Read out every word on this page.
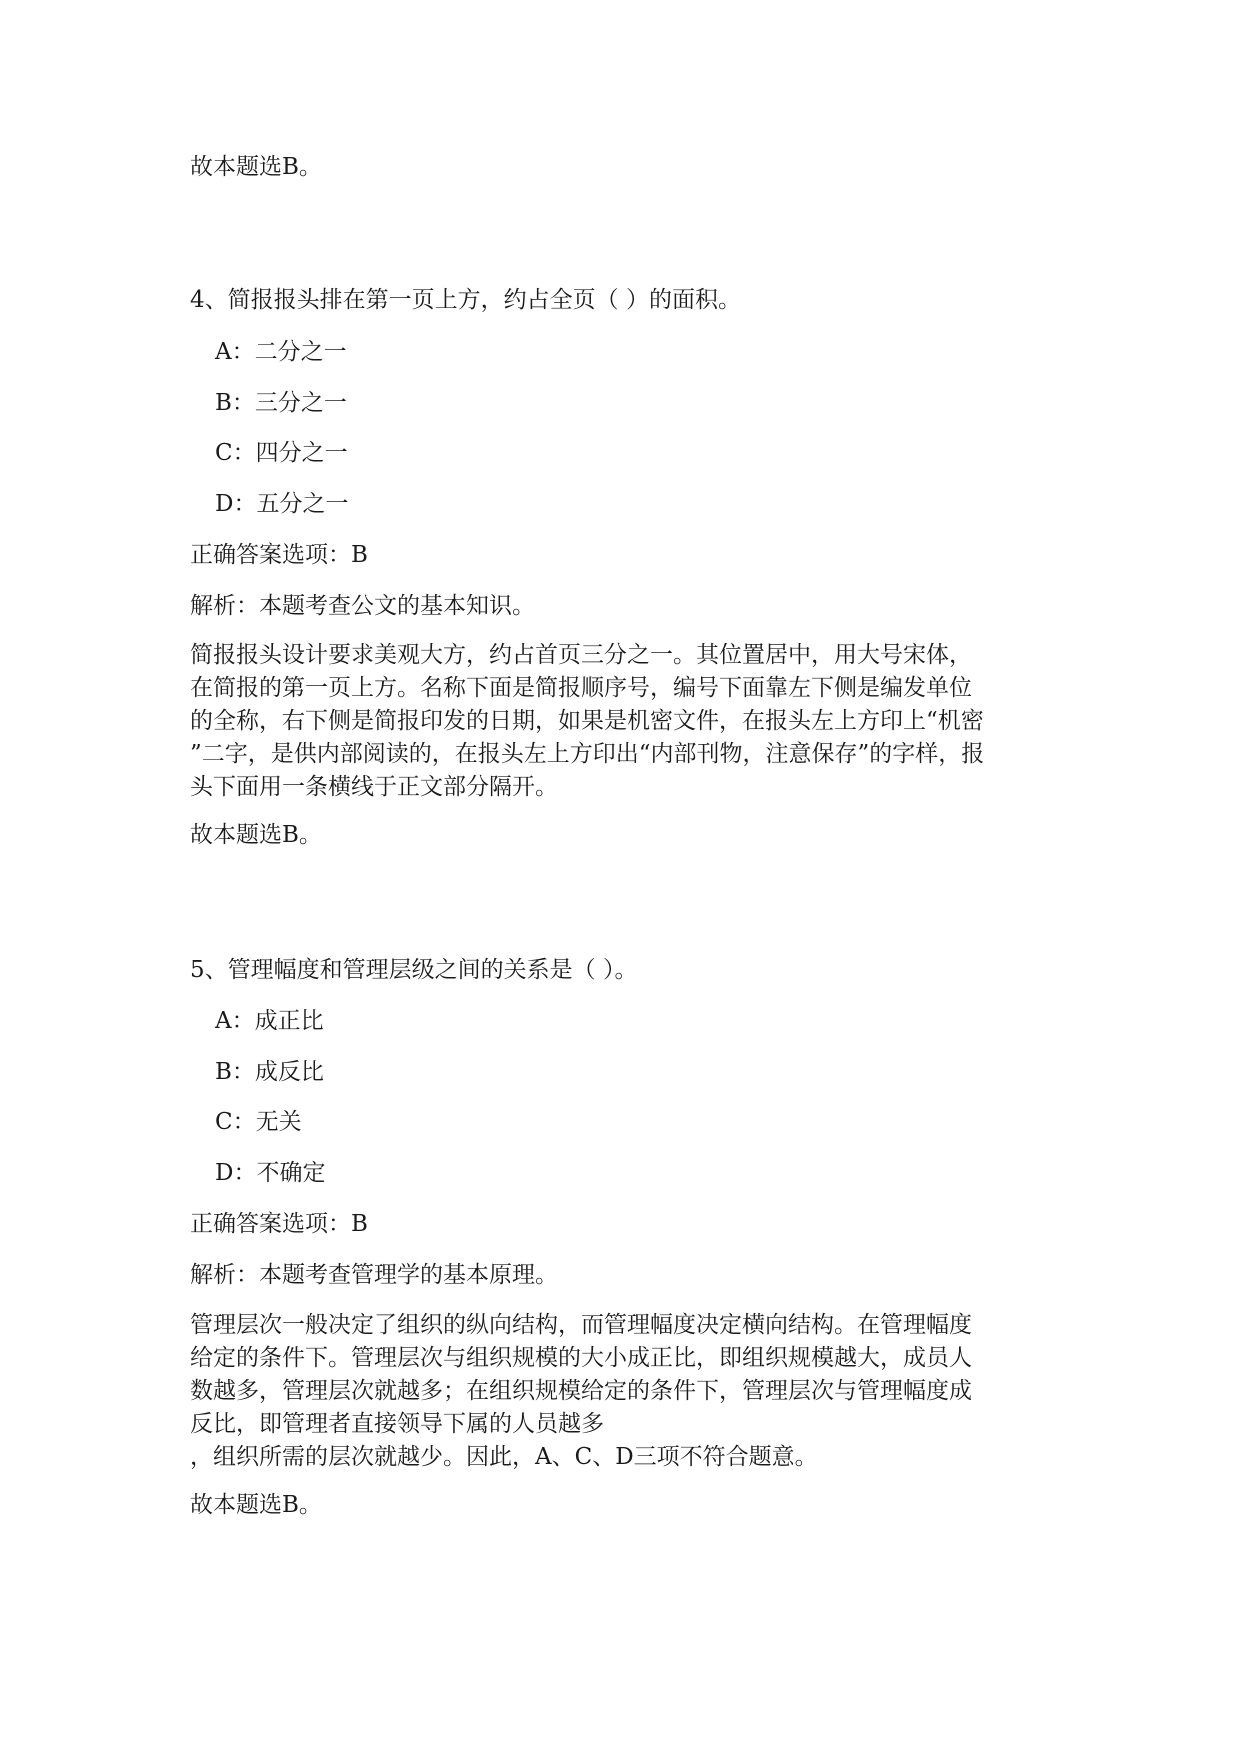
故本题选B。
4、简报报头排在第一页上方，约占全页（ ）的面积。
A：二分之一
B：三分之一
C：四分之一
D：五分之一
正确答案选项：B
解析：本题考查公文的基本知识。
简报报头设计要求美观大方，约占首页三分之一。其位置居中，用大号宋体，
在简报的第一页上方。名称下面是简报顺序号，编号下面靠左下侧是编发单位
的全称，右下侧是简报印发的日期，如果是机密文件，在报头左上方印上“机密
”二字，是供内部阅读的，在报头左上方印出“内部刊物，注意保存”的字样，报
头下面用一条横线于正文部分隔开。
故本题选B。
5、管理幅度和管理层级之间的关系是（ ）。
A：成正比
B：成反比
C：无关
D：不确定
正确答案选项：B
解析：本题考查管理学的基本原理。
管理层次一般决定了组织的纵向结构，而管理幅度决定横向结构。在管理幅度
给定的条件下。管理层次与组织规模的大小成正比，即组织规模越大，成员人
数越多，管理层次就越多；在组织规模给定的条件下，管理层次与管理幅度成
反比，即管理者直接领导下属的人员越多
，组织所需的层次就越少。因此，A、C、D三项不符合题意。
故本题选B。
